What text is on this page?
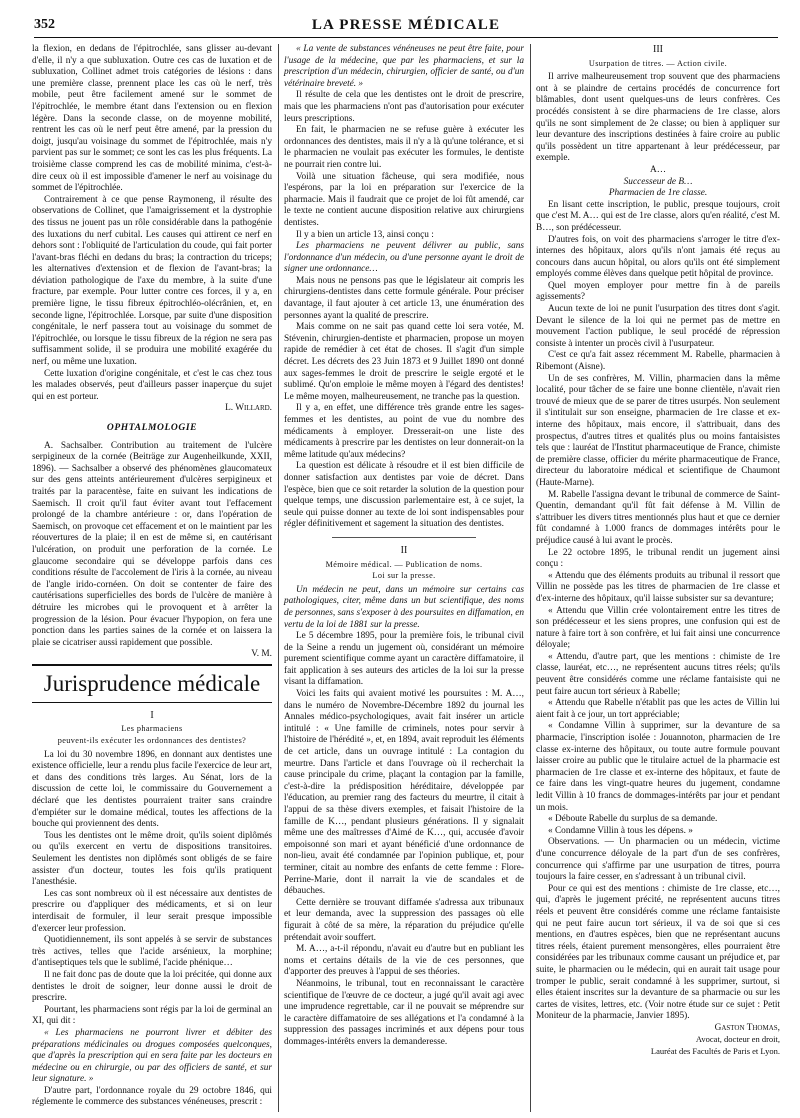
352	LA PRESSE MÉDICALE

la flexion, en dedans de l'épitrochlée, sans glisser au-devant d'elle, il n'y a que subluxation. Outre ces cas de luxation et de subluxation, Collinet admet trois catégories de lésions : dans une première classe, prennent place les cas où le nerf, très mobile, peut être facilement amené sur le sommet de l'épitrochlée, le membre étant dans l'extension ou en flexion légère. Dans la seconde classe, on de moyenne mobilité, rentrent les cas où le nerf peut être amené, par la pression du doigt, jusqu'au voisinage du sommet de l'épitrochlée, mais n'y parvient pas sur le sommet; ce sont les cas les plus fréquents. La troisième classe comprend les cas de mobilité minima, c'est-à-dire ceux où il est impossible d'amener le nerf au voisinage du sommet de l'épitrochlée.

Contrairement à ce que pense Raymoneng, il résulte des observations de Collinet, que l'amaigrissement et la dystrophie des tissus ne jouent pas un rôle considérable dans la pathogénie des luxations du nerf cubital. Les causes qui attirent ce nerf en dehors sont : l'obliquité de l'articulation du coude, qui fait porter l'avant-bras fléchi en dedans du bras; la contraction du triceps; les alternatives d'extension et de flexion de l'avant-bras; la déviation pathologique de l'axe du membre, à la suite d'une fracture, par exemple. Pour lutter contre ces forces, il y a, en première ligne, le tissu fibreux épitrochléo-olécrânien, et, en seconde ligne, l'épitrochlée. Lorsque, par suite d'une disposition congénitale, le nerf passera tout au voisinage du sommet de l'épitrochlée, ou lorsque le tissu fibreux de la région ne sera pas suffisamment solide, il se produira une mobilité exagérée du nerf, ou même une luxation.

Cette luxation d'origine congénitale, et c'est le cas chez tous les malades observés, peut d'ailleurs passer inaperçue du sujet qui en est porteur.

L. Willard.

OPHTALMOLOGIE

A. Sachsalber. Contribution au traitement de l'ulcère serpigineux de la cornée (Beiträge zur Augenheilkunde, XXII, 1896). — Sachsalber a observé des phénomènes glaucomateux sur des gens atteints antérieurement d'ulcères serpigineux et traités par la paracentèse, faite en suivant les indications de Saemisch. Il croit qu'il faut éviter avant tout l'effacement prolongé de la chambre antérieure : or, dans l'opération de Saemisch, on provoque cet effacement et on le maintient par les réouvertures de la plaie; il en est de même si, en cautérisant l'ulcération, on produit une perforation de la cornée. Le glaucome secondaire qui se développe parfois dans ces conditions résulte de l'accolement de l'iris à la cornée, au niveau de l'angle irido-cornéen. On doit se contenter de faire des cautérisations superficielles des bords de l'ulcère de manière à détruire les microbes qui le provoquent et à arrêter la progression de la lésion. Pour évacuer l'hypopion, on fera une ponction dans les parties saines de la cornée et on laissera la plaie se cicatriser aussi rapidement que possible.

V. M.

Jurisprudence médicale
I
Les pharmaciens
peuvent-ils exécuter les ordonnances des dentistes?

La loi du 30 novembre 1896, en donnant aux dentistes une existence officielle, leur a rendu plus facile l'exercice de leur art, et dans des conditions très larges. Au Sénat, lors de la discussion de cette loi, le commissaire du Gouvernement a déclaré que les dentistes pourraient traiter sans craindre d'empiéter sur le domaine médical, toutes les affections de la bouche qui proviennent des dents.

Tous les dentistes ont le même droit, qu'ils soient diplômés ou qu'ils exercent en vertu de dispositions transitoires. Seulement les dentistes non diplômés sont obligés de se faire assister d'un docteur, toutes les fois qu'ils pratiquent l'anesthésie.

Les cas sont nombreux où il est nécessaire aux dentistes de prescrire ou d'appliquer des médicaments, et si on leur interdisait de formuler, il leur serait presque impossible d'exercer leur profession.

Quotidiennement, ils sont appelés à se servir de substances très actives, telles que l'acide arsénieux, la morphine; d'antiseptiques tels que le sublimé, l'acide phénique…

Il ne fait donc pas de doute que la loi précitée, qui donne aux dentistes le droit de soigner, leur donne aussi le droit de prescrire.

Pourtant, les pharmaciens sont régis par la loi de germinal an XI, qui dit :

« Les pharmaciens ne pourront livrer et débiter des préparations médicinales ou drogues composées quelconques, que d'après la prescription qui en sera faite par les docteurs en médecine ou en chirurgie, ou par des officiers de santé, et sur leur signature. »

D'autre part, l'ordonnance royale du 29 octobre 1846, qui réglemente le commerce des substances vénéneuses, prescrit :

« La vente de substances vénéneuses ne peut être faite, pour l'usage de la médecine, que par les pharmaciens, et sur la prescription d'un médecin, chirurgien, officier de santé, ou d'un vétérinaire breveté. »

Il résulte de cela que les dentistes ont le droit de prescrire, mais que les pharmaciens n'ont pas d'autorisation pour exécuter leurs prescriptions.

En fait, le pharmacien ne se refuse guère à exécuter les ordonnances des dentistes, mais il n'y a là qu'une tolérance, et si le pharmacien ne voulait pas exécuter les formules, le dentiste ne pourrait rien contre lui.

Voilà une situation fâcheuse, qui sera modifiée, nous l'espérons, par la loi en préparation sur l'exercice de la pharmacie. Mais il faudrait que ce projet de loi fût amendé, car le texte ne contient aucune disposition relative aux chirurgiens dentistes.

Il y a bien un article 13, ainsi conçu :

Les pharmaciens ne peuvent délivrer au public, sans l'ordonnance d'un médecin, ou d'une personne ayant le droit de signer une ordonnance…

Mais nous ne pensons pas que le législateur ait compris les chirurgiens-dentistes dans cette formule générale. Pour préciser davantage, il faut ajouter à cet article 13, une énumération des personnes ayant la qualité de prescrire.

Mais comme on ne sait pas quand cette loi sera votée, M. Stévenin, chirurgien-dentiste et pharmacien, propose un moyen rapide de remédier à cet état de choses. Il s'agit d'un simple décret. Les décrets des 23 Juin 1873 et 9 Juillet 1890 ont donné aux sages-femmes le droit de prescrire le seigle ergoté et le sublimé. Qu'on emploie le même moyen à l'égard des dentistes! Le même moyen, malheureusement, ne tranche pas la question.

Il y a, en effet, une différence très grande entre les sages-femmes et les dentistes, au point de vue du nombre des médicaments à employer. Dresserait-on une liste des médicaments à prescrire par les dentistes on leur donnerait-on la même latitude qu'aux médecins?

La question est délicate à résoudre et il est bien difficile de donner satisfaction aux dentistes par voie de décret. Dans l'espèce, bien que ce soit retarder la solution de la question pour quelque temps, une discussion parlementaire est, à ce sujet, la seule qui puisse donner au texte de loi sont indispensables pour régler définitivement et sagement la situation des dentistes.

II
Mémoire médical. — Publication de noms.
Loi sur la presse.

Un médecin ne peut, dans un mémoire sur certains cas pathologiques, citer, même dans un but scientifique, des noms de personnes, sans s'exposer à des poursuites en diffamation, en vertu de la loi de 1881 sur la presse.

Le 5 décembre 1895, pour la première fois, le tribunal civil de la Seine a rendu un jugement où, considérant un mémoire purement scientifique comme ayant un caractère diffamatoire, il fait application à ses auteurs des articles de la loi sur la presse visant la diffamation.

Voici les faits qui avaient motivé les poursuites : M. A…, dans le numéro de Novembre-Décembre 1892 du journal les Annales médico-psychologiques, avait fait insérer un article intitulé : « Une famille de criminels, notes pour servir à l'histoire de l'hérédité », et, en 1894, avait reproduit les éléments de cet article, dans un ouvrage intitulé : La contagion du meurtre. Dans l'article et dans l'ouvrage où il recherchait la cause principale du crime, plaçant la contagion par la famille, c'est-à-dire la prédisposition héréditaire, développée par l'éducation, au premier rang des facteurs du meurtre, il citait à l'appui de sa thèse divers exemples, et faisait l'histoire de la famille de K…, pendant plusieurs générations. Il y signalait même une des maîtresses d'Aimé de K…, qui, accusée d'avoir empoisonné son mari et ayant bénéficié d'une ordonnance de non-lieu, avait été condamnée par l'opinion publique, et, pour terminer, citait au nombre des enfants de cette femme : Flore-Perrine-Marie, dont il narrait la vie de scandales et de débauches.

Cette dernière se trouvant diffamée s'adressa aux tribunaux et leur demanda, avec la suppression des passages où elle figurait à côté de sa mère, la réparation du préjudice qu'elle prétendait avoir souffert.

M. A…, a-t-il répondu, n'avait eu d'autre but en publiant les noms et certains détails de la vie de ces personnes, que d'apporter des preuves à l'appui de ses théories.

Néanmoins, le tribunal, tout en reconnaissant le caractère scientifique de l'œuvre de ce docteur, a jugé qu'il avait agi avec une imprudence regrettable, car il ne pouvait se méprendre sur le caractère diffamatoire de ses allégations et l'a condamné à la suppression des passages incriminés et aux dépens pour tous dommages-intérêts envers la demanderesse.

III
Usurpation de titres. — Action civile.

Il arrive malheureusement trop souvent que des pharmaciens ont à se plaindre de certains procédés de concurrence fort blâmables, dont usent quelques-uns de leurs confrères. Ces procédés consistent à se dire pharmaciens de 1re classe, alors qu'ils ne sont simplement de 2e classe; ou bien à appliquer sur leur devanture des inscriptions destinées à faire croire au public qu'ils possèdent un titre appartenant à leur prédécesseur, par exemple.

A…

Successeur de B…

Pharmacien de 1re classe.

En lisant cette inscription, le public, presque toujours, croit que c'est M. A… qui est de 1re classe, alors qu'en réalité, c'est M. B…, son prédécesseur.

D'autres fois, on voit des pharmaciens s'arroger le titre d'ex-internes des hôpitaux, alors qu'ils n'ont jamais été reçus au concours dans aucun hôpital, ou alors qu'ils ont été simplement employés comme élèves dans quelque petit hôpital de province.

Quel moyen employer pour mettre fin à de pareils agissements?

Aucun texte de loi ne punit l'usurpation des titres dont s'agit. Devant le silence de la loi qui ne permet pas de mettre en mouvement l'action publique, le seul procédé de répression consiste à intenter un procès civil à l'usurpateur.

C'est ce qu'a fait assez récemment M. Rabelle, pharmacien à Ribemont (Aisne).

Un de ses confrères, M. Villin, pharmacien dans la même localité, pour tâcher de se faire une bonne clientèle, n'avait rien trouvé de mieux que de se parer de titres usurpés. Non seulement il s'intitulait sur son enseigne, pharmacien de 1re classe et ex-interne des hôpitaux, mais encore, il s'attribuait, dans des prospectus, d'autres titres et qualités plus ou moins fantaisistes tels que : lauréat de l'Institut pharmaceutique de France, chimiste de première classe, officier du mérite pharmaceutique de France, directeur du laboratoire médical et scientifique de Chaumont (Haute-Marne).

M. Rabelle l'assigna devant le tribunal de commerce de Saint-Quentin, demandant qu'il fût fait défense à M. Villin de s'attribuer les divers titres mentionnés plus haut et que ce dernier fût condamné à 1.000 francs de dommages intérêts pour le préjudice causé à lui avant le procès.

Le 22 octobre 1895, le tribunal rendit un jugement ainsi conçu :

« Attendu que des éléments produits au tribunal il ressort que Villin ne possède pas les titres de pharmacien de 1re classe et d'ex-interne des hôpitaux, qu'il laisse subsister sur sa devanture;

« Attendu que Villin crée volontairement entre les titres de son prédécesseur et les siens propres, une confusion qui est de nature à faire tort à son confrère, et lui fait ainsi une concurrence déloyale;

« Attendu, d'autre part, que les mentions : chimiste de 1re classe, lauréat, etc…, ne représentent aucuns titres réels; qu'ils peuvent être considérés comme une réclame fantaisiste qui ne peut faire aucun tort sérieux à Rabelle;

« Attendu que Rabelle n'établit pas que les actes de Villin lui aient fait à ce jour, un tort appréciable;

« Condamne Villin à supprimer, sur la devanture de sa pharmacie, l'inscription isolée : Jouannoton, pharmacien de 1re classe ex-interne des hôpitaux, ou toute autre formule pouvant laisser croire au public que le titulaire actuel de la pharmacie est pharmacien de 1re classe et ex-interne des hôpitaux, et faute de ce faire dans les vingt-quatre heures du jugement, condamne ledit Villin à 10 francs de dommages-intérêts par jour et pendant un mois.

« Déboute Rabelle du surplus de sa demande.

« Condamne Villin à tous les dépens. »

Observations. — Un pharmacien ou un médecin, victime d'une concurrence déloyale de la part d'un de ses confrères, concurrence qui s'affirme par une usurpation de titres, pourra toujours la faire cesser, en s'adressant à un tribunal civil.

Pour ce qui est des mentions : chimiste de 1re classe, etc…, qui, d'après le jugement précité, ne représentent aucuns titres réels et peuvent être considérés comme une réclame fantaisiste qui ne peut faire aucun tort sérieux, il va de soi que si ces mentions, en d'autres espèces, bien que ne représentant aucuns titres réels, étaient purement mensongères, elles pourraient être considérées par les tribunaux comme causant un préjudice et, par suite, le pharmacien ou le médecin, qui en aurait tait usage pour tromper le public, serait condamné à les supprimer, surtout, si elles étaient inscrites sur la devanture de sa pharmacie ou sur les cartes de visites, lettres, etc. (Voir notre étude sur ce sujet : Petit Moniteur de la pharmacie, Janvier 1895).

Gaston Thomas,

Avocat, docteur en droit,

Lauréat des Facultés de Paris et Lyon.
